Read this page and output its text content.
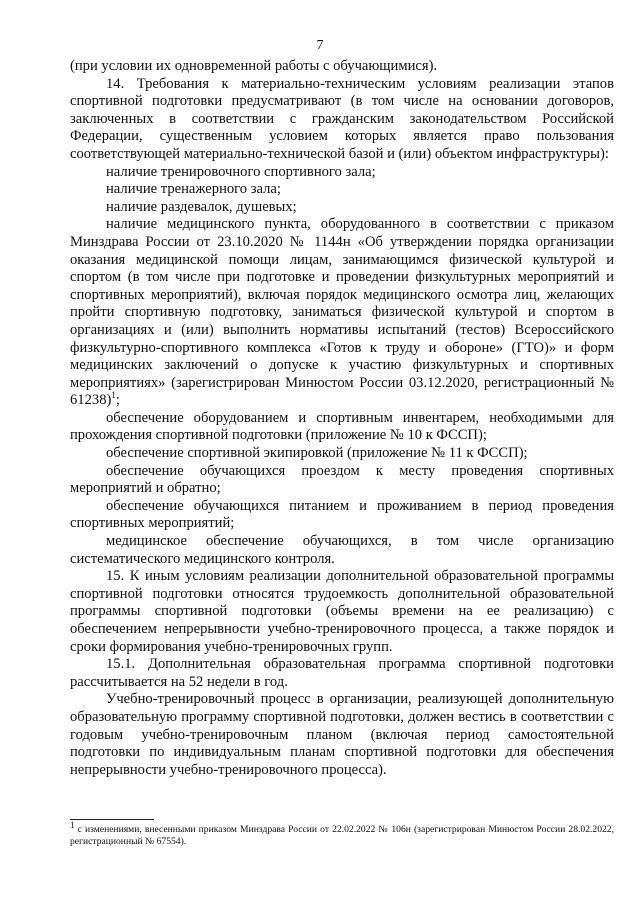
7

(при условии их одновременной работы с обучающимися).

14. Требования к материально-техническим условиям реализации этапов спортивной подготовки предусматривают (в том числе на основании договоров, заключенных в соответствии с гражданским законодательством Российской Федерации, существенным условием которых является право пользования соответствующей материально-технической базой и (или) объектом инфраструктуры):

наличие тренировочного спортивного зала;

наличие тренажерного зала;

наличие раздевалок, душевых;

наличие медицинского пункта, оборудованного в соответствии с приказом Минздрава России от 23.10.2020 № 1144н «Об утверждении порядка организации оказания медицинской помощи лицам, занимающимся физической культурой и спортом (в том числе при подготовке и проведении физкультурных мероприятий и спортивных мероприятий), включая порядок медицинского осмотра лиц, желающих пройти спортивную подготовку, заниматься физической культурой и спортом в организациях и (или) выполнить нормативы испытаний (тестов) Всероссийского физкультурно-спортивного комплекса «Готов к труду и обороне» (ГТО)» и форм медицинских заключений о допуске к участию физкультурных и спортивных мероприятиях» (зарегистрирован Минюстом России 03.12.2020, регистрационный № 61238)$^1$;

обеспечение оборудованием и спортивным инвентарем, необходимыми для прохождения спортивной подготовки (приложение № 10 к ФССП);

обеспечение спортивной экипировкой (приложение № 11 к ФССП);

обеспечение обучающихся проездом к месту проведения спортивных мероприятий и обратно;

обеспечение обучающихся питанием и проживанием в период проведения спортивных мероприятий;

медицинское обеспечение обучающихся, в том числе организацию систематического медицинского контроля.

15. К иным условиям реализации дополнительной образовательной программы спортивной подготовки относятся трудоемкость дополнительной образовательной программы спортивной подготовки (объемы времени на ее реализацию) с обеспечением непрерывности учебно-тренировочного процесса, а также порядок и сроки формирования учебно-тренировочных групп.

15.1. Дополнительная образовательная программа спортивной подготовки рассчитывается на 52 недели в год.

Учебно-тренировочный процесс в организации, реализующей дополнительную образовательную программу спортивной подготовки, должен вестись в соответствии с годовым учебно-тренировочным планом (включая период самостоятельной подготовки по индивидуальным планам спортивной подготовки для обеспечения непрерывности учебно-тренировочного процесса).

$^1$ с изменениями, внесенными приказом Минздрава России от 22.02.2022 № 106н (зарегистрирован Минюстом России 28.02.2022, регистрационный № 67554).
